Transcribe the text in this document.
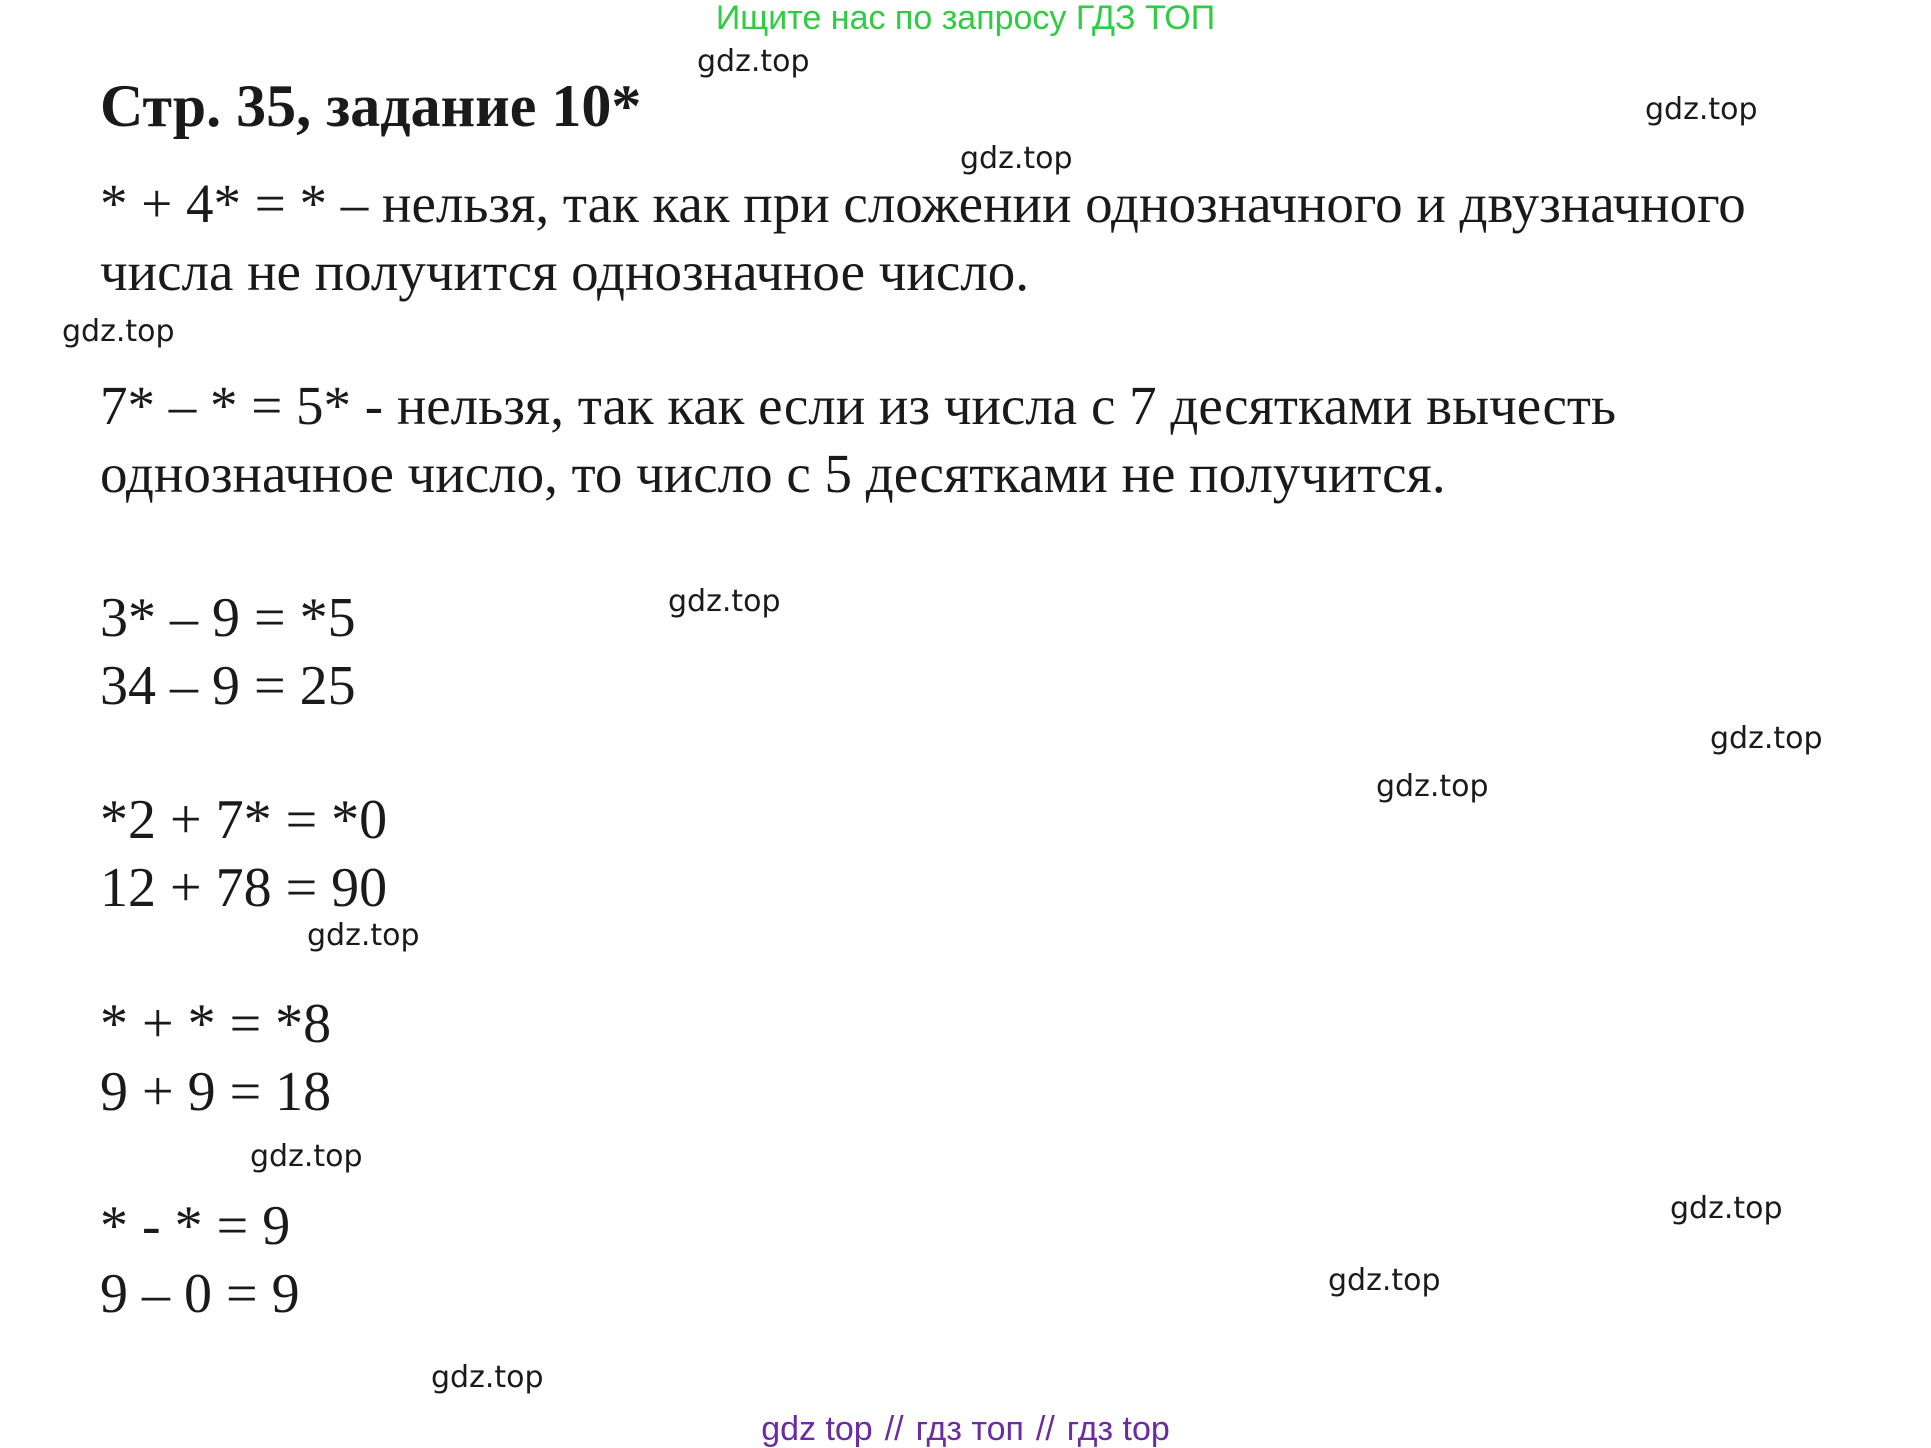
Ищите нас по запросу ГДЗ ТОП
Стр. 35, задание 10*
* + 4* = * – нельзя, так как при сложении однозначного и двузначного
числа не получится однозначное число.
7* – * = 5* - нельзя, так как если из числа с 7 десятками вычесть
однозначное число, то число с 5 десятками не получится.
3* – 9 = *5
34 – 9 = 25
*2 + 7* = *0
12 + 78 = 90
* + * = *8
9 + 9 = 18
* - * = 9
9 – 0 = 9
gdz.top
gdz.top
gdz.top
gdz.top
gdz.top
gdz.top
gdz.top
gdz.top
gdz.top
gdz.top
gdz.top
gdz.top
gdz top // гдз топ // гдз top
